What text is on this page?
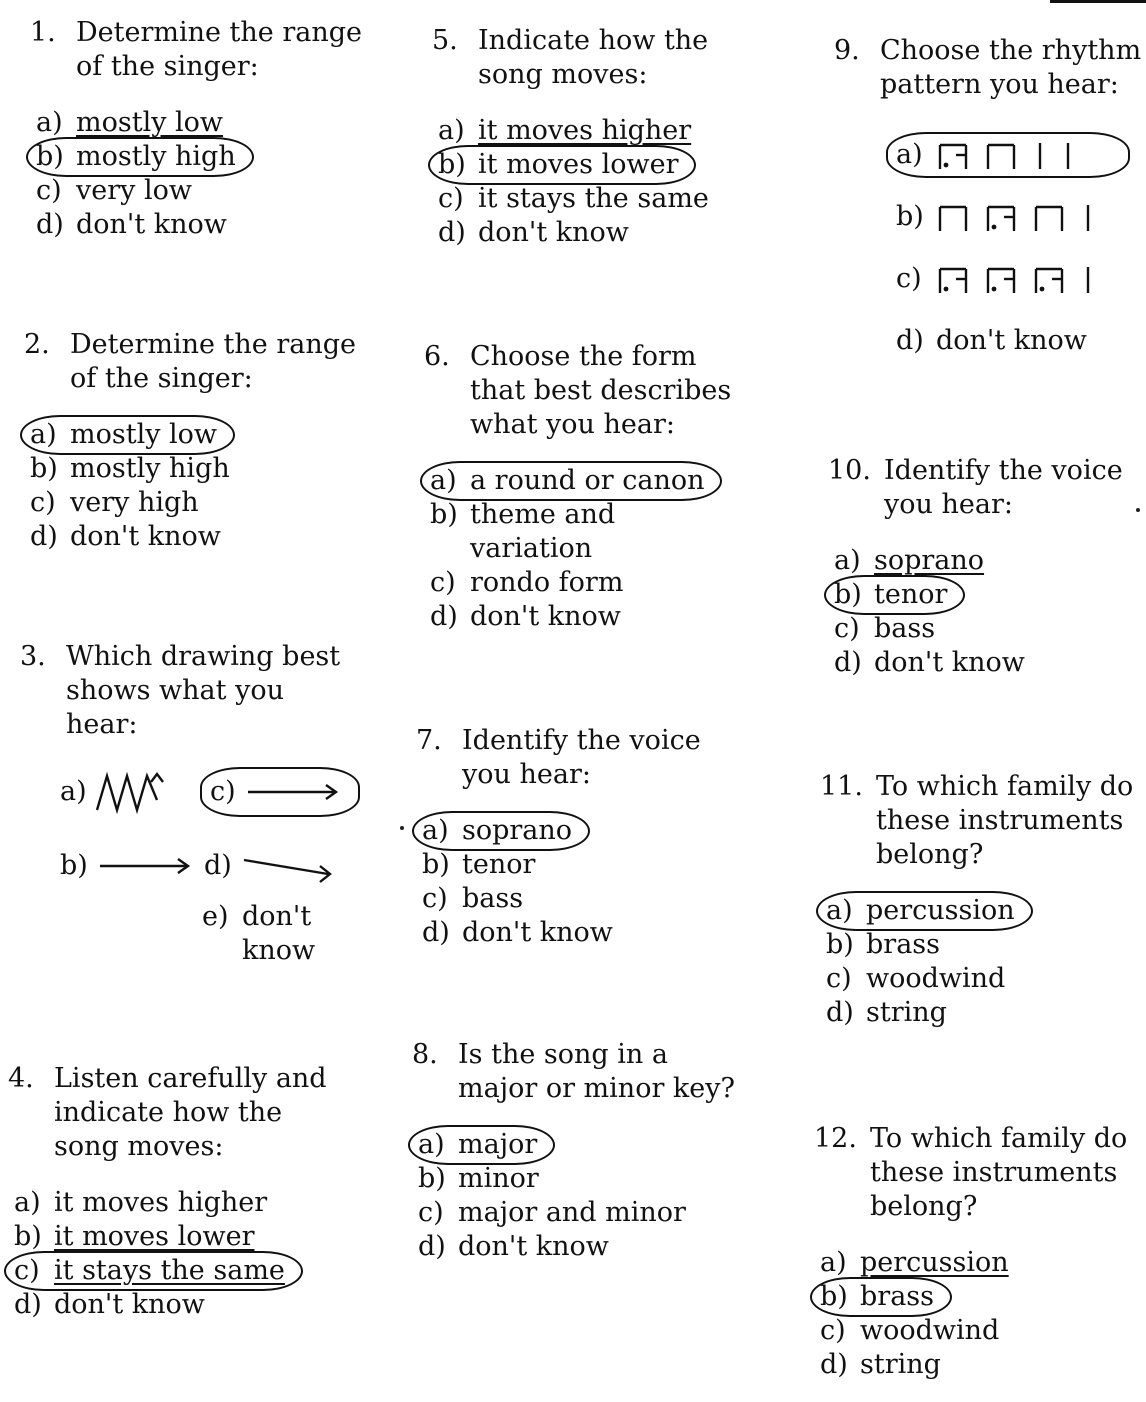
1. Determine the range
of the singer:
a) mostly low
b) mostly high
c) very low
d) don't know
2. Determine the range
of the singer:
a) mostly low
b) mostly high
c) very high
d) don't know
3. Which drawing best
shows what you
hear:
a)
b)
c)
d)
e) don't
know
4. Listen carefully and
indicate how the
song moves:
a) it moves higher
b) it moves lower
c) it stays the same
d) don't know
5. Indicate how the
song moves:
a) it moves higher
b) it moves lower
c) it stays the same
d) don't know
6. Choose the form
that best describes
what you hear:
a) a round or canon
b) theme and
variation
c) rondo form
d) don't know
7. Identify the voice
you hear:
a) soprano
b) tenor
c) bass
d) don't know
8. Is the song in a
major or minor key?
a) major
b) minor
c) major and minor
d) don't know
9. Choose the rhythm
pattern you hear:
a)
b)
c)
d) don't know
10. Identify the voice
you hear:
a) soprano
b) tenor
c) bass
d) don't know
11. To which family do
these instruments
belong?
a) percussion
b) brass
c) woodwind
d) string
12. To which family do
these instruments
belong?
a) percussion
b) brass
c) woodwind
d) string
